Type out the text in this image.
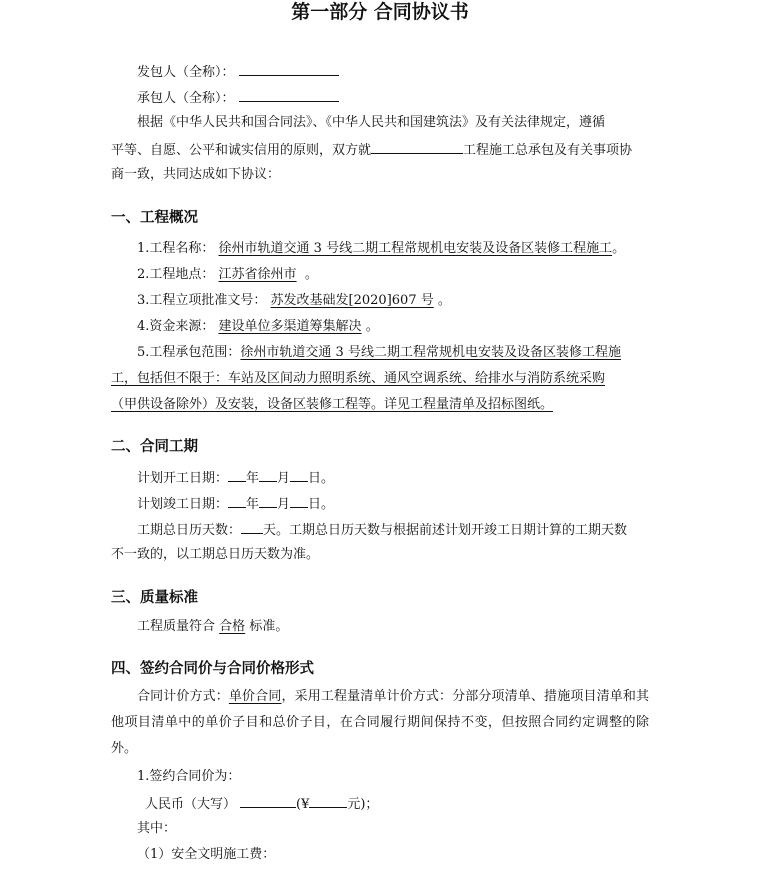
第一部分 合同协议书
发包人（全称）：
承包人（全称）：
根据《中华人民共和国合同法》、《中华人民共和国建筑法》及有关法律规定，遵循
平等、自愿、公平和诚实信用的原则，双方就	工程施工总承包及有关事项协
商一致，共同达成如下协议：
一、工程概况
1.工程名称： 徐州市轨道交通 3 号线二期工程常规机电安装及设备区装修工程施工。
2.工程地点： 江苏省徐州市 。
3.工程立项批准文号： 苏发改基础发[2020]607 号 。
4.资金来源： 建设单位多渠道筹集解决 。
5.工程承包范围：徐州市轨道交通 3 号线二期工程常规机电安装及设备区装修工程施
工，包括但不限于：车站及区间动力照明系统、通风空调系统、给排水与消防系统采购
（甲供设备除外）及安装，设备区装修工程等。详见工程量清单及招标图纸。
二、合同工期
计划开工日期： 年 月 日。
计划竣工日期： 年 月 日。
工期总日历天数： 天。工期总日历天数与根据前述计划开竣工日期计算的工期天数
不一致的，以工期总日历天数为准。
三、质量标准
工程质量符合 合格 标准。
四、签约合同价与合同价格形式
合同计价方式：单价合同，采用工程量清单计价方式：分部分项清单、措施项目清单和其他项目清单中的单价子目和总价子目，在合同履行期间保持不变，但按照合同约定调整的除外。
1.签约合同价为：
人民币（大写）	(¥	元)；
其中：
（1）安全文明施工费：
